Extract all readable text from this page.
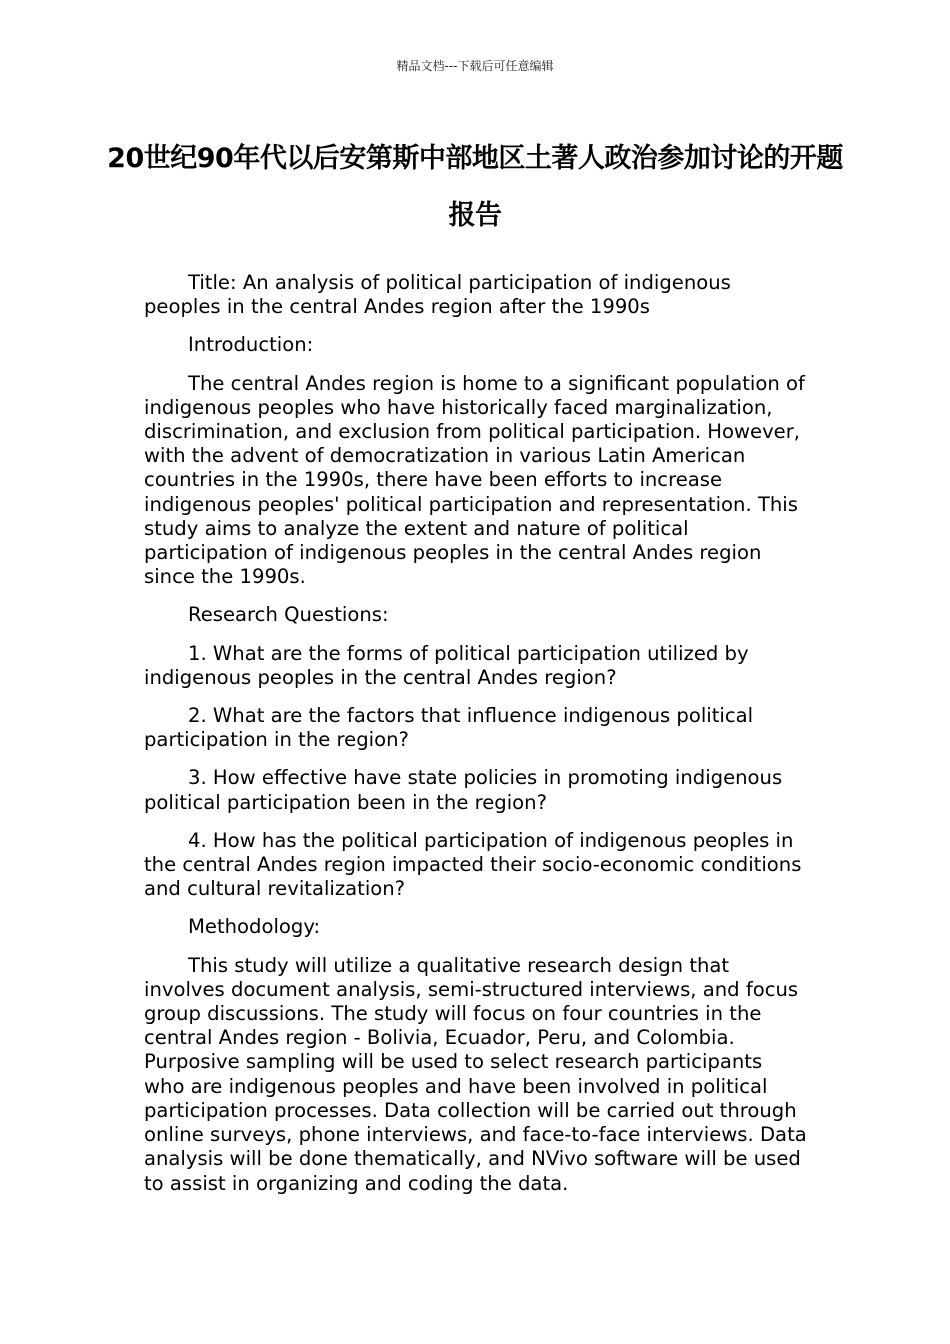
精品文档---下载后可任意编辑
20世纪90年代以后安第斯中部地区土著人政治参加讨论的开题报告

Title: An analysis of political participation of indigenous peoples in the central Andes region after the 1990s

Introduction:

The central Andes region is home to a significant population of indigenous peoples who have historically faced marginalization, discrimination, and exclusion from political participation. However, with the advent of democratization in various Latin American countries in the 1990s, there have been efforts to increase indigenous peoples' political participation and representation. This study aims to analyze the extent and nature of political participation of indigenous peoples in the central Andes region since the 1990s.

Research Questions:

1. What are the forms of political participation utilized by indigenous peoples in the central Andes region?

2. What are the factors that influence indigenous political participation in the region?

3. How effective have state policies in promoting indigenous political participation been in the region?

4. How has the political participation of indigenous peoples in the central Andes region impacted their socio-economic conditions and cultural revitalization?

Methodology:

This study will utilize a qualitative research design that involves document analysis, semi-structured interviews, and focus group discussions. The study will focus on four countries in the central Andes region - Bolivia, Ecuador, Peru, and Colombia. Purposive sampling will be used to select research participants who are indigenous peoples and have been involved in political participation processes. Data collection will be carried out through online surveys, phone interviews, and face-to-face interviews. Data analysis will be done thematically, and NVivo software will be used to assist in organizing and coding the data.
